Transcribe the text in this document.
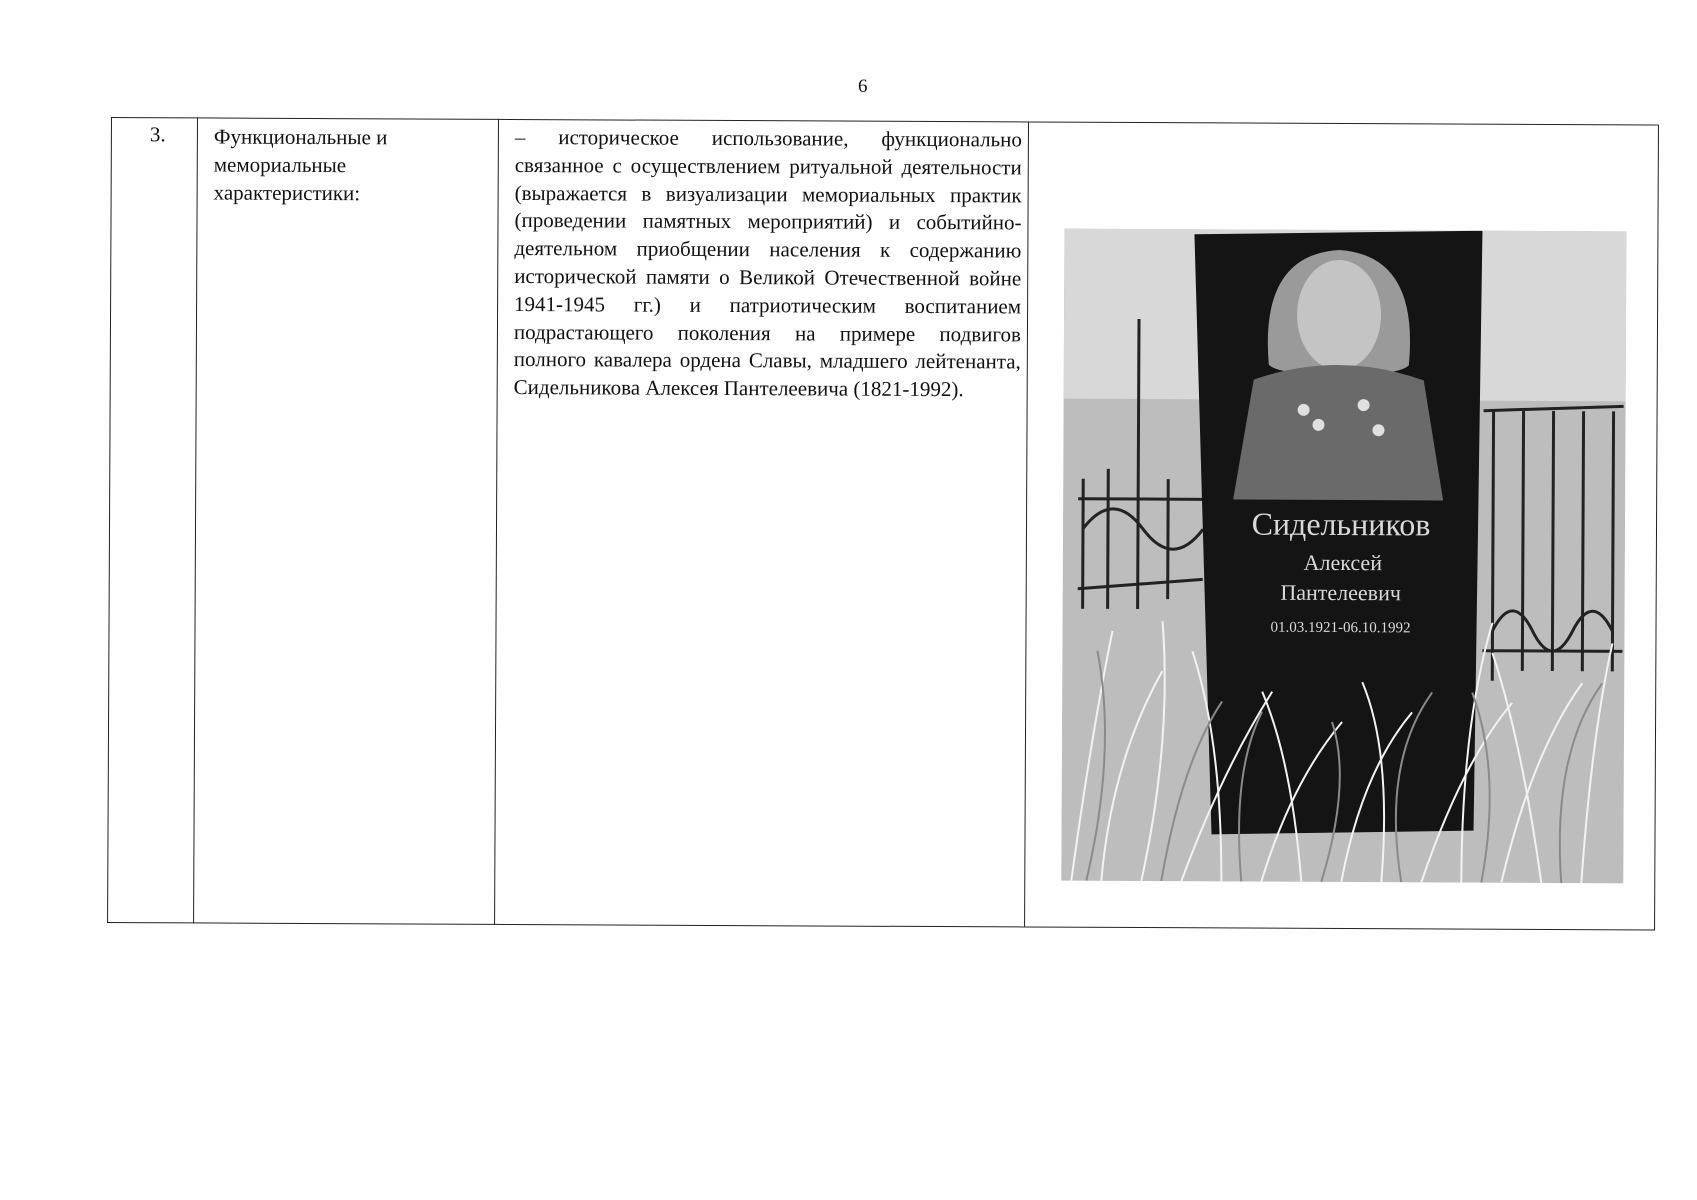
6
3. Функциональные и мемориальные характеристики:
– историческое использование, функционально связанное с осуществлением ритуальной деятельности (выражается в визуализации мемориальных практик (проведении памятных мероприятий) и событийно-деятельном приобщении населения к содержанию исторической памяти о Великой Отечественной войне 1941-1945 гг.) и патриотическим воспитанием подрастающего поколения на примере подвигов полного кавалера ордена Славы, младшего лейтенанта, Сидельникова Алексея Пантелеевича (1821-1992).
Сидельников
Алексей
Пантелеевич
01.03.1921-06.10.1992
